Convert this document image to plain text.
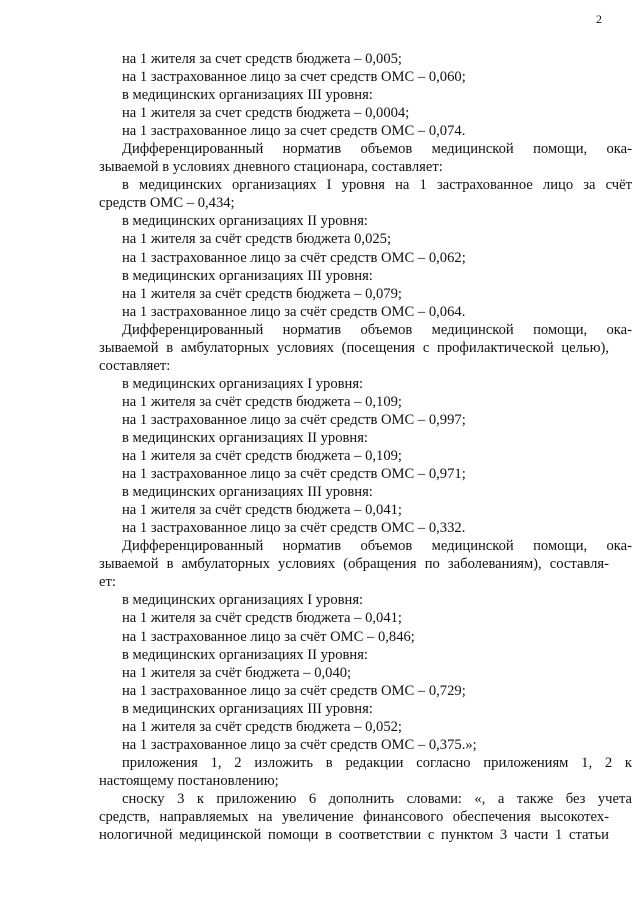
2
на 1 жителя за счет средств бюджета – 0,005;
на 1 застрахованное лицо за счет средств ОМС – 0,060;
в медицинских организациях III уровня:
на 1 жителя за счет средств бюджета – 0,0004;
на 1 застрахованное лицо за счет средств ОМС – 0,074.
Дифференцированный норматив объемов медицинской помощи, ока-
зываемой в условиях дневного стационара, составляет:
в медицинских организациях I уровня на 1 застрахованное лицо за счёт
средств ОМС – 0,434;
в медицинских организациях II уровня:
на 1 жителя за счёт средств бюджета 0,025;
на 1 застрахованное лицо за счёт средств ОМС – 0,062;
в медицинских организациях III уровня:
на 1 жителя за счёт средств бюджета – 0,079;
на 1 застрахованное лицо за счёт средств ОМС – 0,064.
Дифференцированный норматив объемов медицинской помощи, ока-
зываемой в амбулаторных условиях (посещения с профилактической целью),
составляет:
в медицинских организациях I уровня:
на 1 жителя за счёт средств бюджета – 0,109;
на 1 застрахованное лицо за счёт средств ОМС – 0,997;
в медицинских организациях II уровня:
на 1 жителя за счёт средств бюджета – 0,109;
на 1 застрахованное лицо за счёт средств ОМС – 0,971;
в медицинских организациях III уровня:
на 1 жителя за счёт средств бюджета – 0,041;
на 1 застрахованное лицо за счёт средств ОМС – 0,332.
Дифференцированный норматив объемов медицинской помощи, ока-
зываемой в амбулаторных условиях (обращения по заболеваниям), составля-
ет:
в медицинских организациях I уровня:
на 1 жителя за счёт средств бюджета – 0,041;
на 1 застрахованное лицо за счёт ОМС – 0,846;
в медицинских организациях II уровня:
на 1 жителя за счёт бюджета – 0,040;
на 1 застрахованное лицо за счёт средств ОМС – 0,729;
в медицинских организациях III уровня:
на 1 жителя за счёт средств бюджета – 0,052;
на 1 застрахованное лицо за счёт средств ОМС – 0,375.»;
приложения 1, 2 изложить в редакции согласно приложениям 1, 2 к
настоящему постановлению;
сноску 3 к приложению 6 дополнить словами: «, а также без учета
средств, направляемых на увеличение финансового обеспечения высокотех-
нологичной медицинской помощи в соответствии с пунктом 3 части 1 статьи
